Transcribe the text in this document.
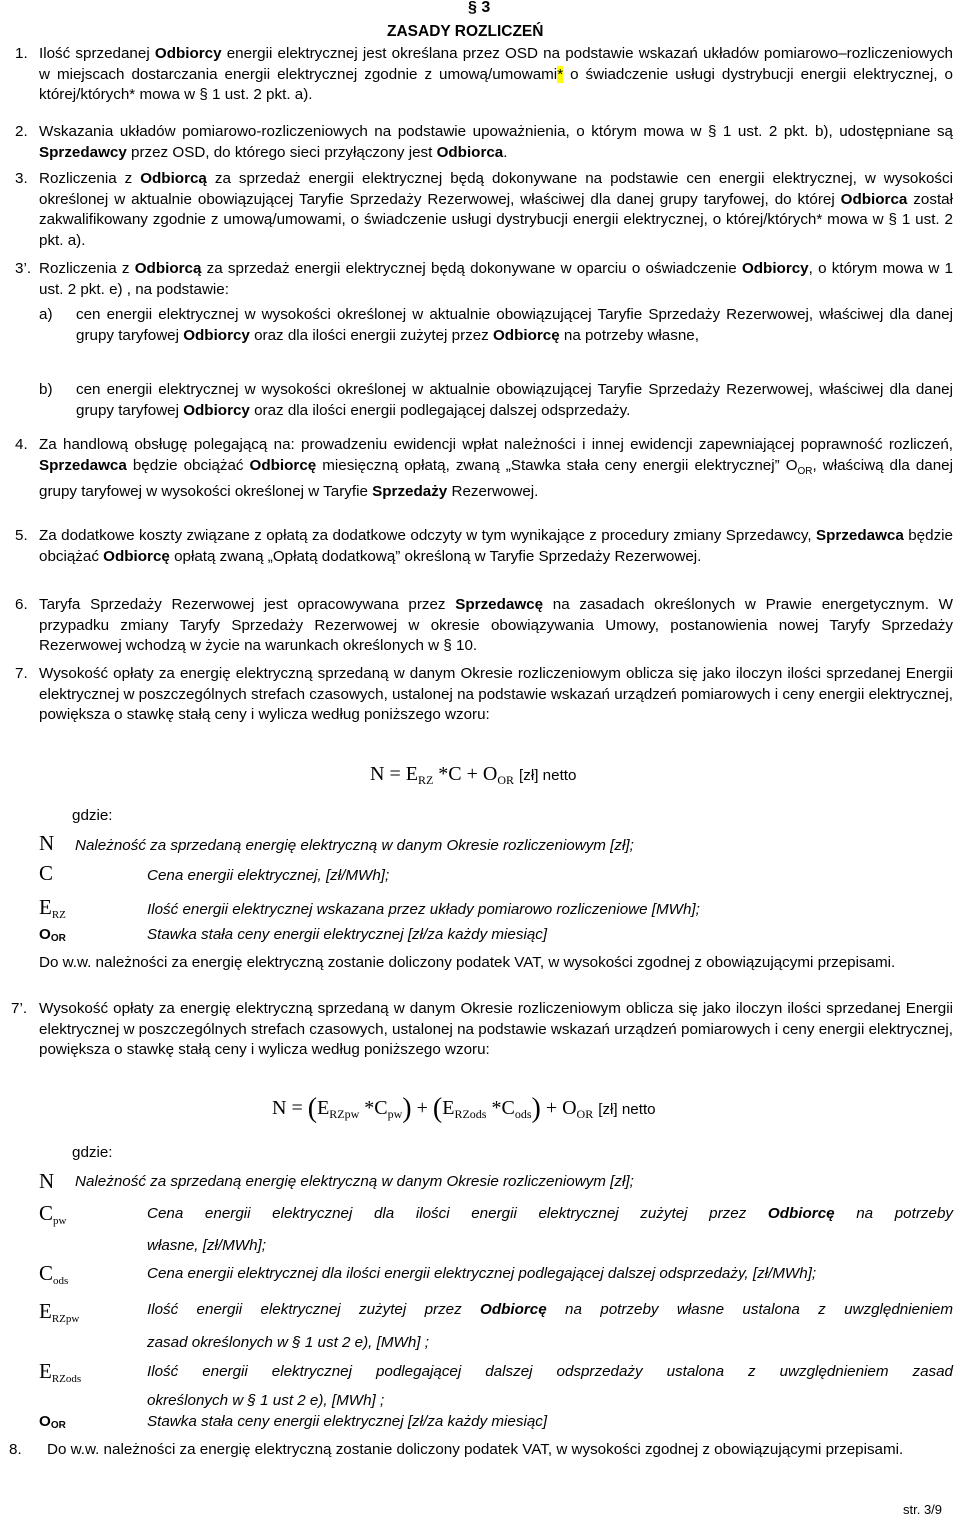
§ 3
ZASADY ROZLICZEŃ
1. Ilość sprzedanej Odbiorcy energii elektrycznej jest określana przez OSD na podstawie wskazań układów pomiarowo–rozliczeniowych w miejscach dostarczania energii elektrycznej zgodnie z umową/umowami* o świadczenie usługi dystrybucji energii elektrycznej, o której/których* mowa w § 1 ust. 2 pkt. a).
2. Wskazania układów pomiarowo-rozliczeniowych na podstawie upoważnienia, o którym mowa w § 1 ust. 2 pkt. b), udostępniane są Sprzedawcy przez OSD, do którego sieci przyłączony jest Odbiorca.
3. Rozliczenia z Odbiorcą za sprzedaż energii elektrycznej będą dokonywane na podstawie cen energii elektrycznej, w wysokości określonej w aktualnie obowiązującej Taryfie Sprzedaży Rezerwowej, właściwej dla danej grupy taryfowej, do której Odbiorca został zakwalifikowany zgodnie z umową/umowami, o świadczenie usługi dystrybucji energii elektrycznej, o której/których* mowa w § 1 ust. 2 pkt. a).
3’. Rozliczenia z Odbiorcą za sprzedaż energii elektrycznej będą dokonywane w oparciu o oświadczenie Odbiorcy, o którym mowa w 1 ust. 2 pkt. e) , na podstawie:
a) cen energii elektrycznej w wysokości określonej w aktualnie obowiązującej Taryfie Sprzedaży Rezerwowej, właściwej dla danej grupy taryfowej Odbiorcy oraz dla ilości energii zużytej przez Odbiorcę na potrzeby własne,
b) cen energii elektrycznej w wysokości określonej w aktualnie obowiązującej Taryfie Sprzedaży Rezerwowej, właściwej dla danej grupy taryfowej Odbiorcy oraz dla ilości energii podlegającej dalszej odsprzedaży.
4. Za handlową obsługę polegającą na: prowadzeniu ewidencji wpłat należności i innej ewidencji zapewniającej poprawność rozliczeń, Sprzedawca będzie obciążać Odbiorcę miesięczną opłatą, zwaną „Stawka stała ceny energii elektrycznej” $O_{OR}$, właściwą dla danej grupy taryfowej w wysokości określonej w Taryfie Sprzedaży Rezerwowej.
5. Za dodatkowe koszty związane z opłatą za dodatkowe odczyty w tym wynikające z procedury zmiany Sprzedawcy, Sprzedawca będzie obciążać Odbiorcę opłatą zwaną „Opłatą dodatkową” określoną w Taryfie Sprzedaży Rezerwowej.
6. Taryfa Sprzedaży Rezerwowej jest opracowywana przez Sprzedawcę na zasadach określonych w Prawie energetycznym. W przypadku zmiany Taryfy Sprzedaży Rezerwowej w okresie obowiązywania Umowy, postanowienia nowej Taryfy Sprzedaży Rezerwowej wchodzą w życie na warunkach określonych w § 10.
7. Wysokość opłaty za energię elektryczną sprzedaną w danym Okresie rozliczeniowym oblicza się jako iloczyn ilości sprzedanej Energii elektrycznej w poszczególnych strefach czasowych, ustalonej na podstawie wskazań urządzeń pomiarowych i ceny energii elektrycznej, powiększa o stawkę stałą ceny i wylicza według poniższego wzoru:
$N = E_{RZ}$ $*C + O_{OR}$ [zł] netto
gdzie:
N Należność za sprzedaną energię elektryczną w danym Okresie rozliczeniowym [zł];
C	Cena energii elektrycznej, [zł/MWh];
$E_{RZ}$	Ilość energii elektrycznej wskazana przez układy pomiarowo rozliczeniowe [MWh];
$O_{OR}$	Stawka stała ceny energii elektrycznej [zł/za każdy miesiąc]
Do w.w. należności za energię elektryczną zostanie doliczony podatek VAT, w wysokości zgodnej z obowiązującymi przepisami.
7’. Wysokość opłaty za energię elektryczną sprzedaną w danym Okresie rozliczeniowym oblicza się jako iloczyn ilości sprzedanej Energii elektrycznej w poszczególnych strefach czasowych, ustalonej na podstawie wskazań urządzeń pomiarowych i ceny energii elektrycznej, powiększa o stawkę stałą ceny i wylicza według poniższego wzoru:
$N = (E_{RZpw}$ $*C_{pw}) + (E_{RZods}$ $*C_{ods}) + O_{OR}$ [zł] netto
gdzie:
N Należność za sprzedaną energię elektryczną w danym Okresie rozliczeniowym [zł];
$C_{pw}$	Cena energii elektrycznej dla ilości energii elektrycznej zużytej przez Odbiorcę na potrzeby
własne, [zł/MWh];
$C_{ods}$	Cena energii elektrycznej dla ilości energii elektrycznej podlegającej dalszej odsprzedaży, [zł/MWh];
$E_{RZpw}$
Ilość energii elektrycznej zużytej przez Odbiorcę na potrzeby własne ustalona z uwzględnieniem
zasad określonych w § 1 ust 2 e), [MWh] ;
$E_{RZods}$	Ilość energii elektrycznej podlegającej dalszej odsprzedaży ustalona z uwzględnieniem zasad
określonych w § 1 ust 2 e), [MWh] ;
$O_{OR}$	Stawka stała ceny energii elektrycznej [zł/za każdy miesiąc]
8. Do w.w. należności za energię elektryczną zostanie doliczony podatek VAT, w wysokości zgodnej z obowiązującymi przepisami.
str. 3/9
